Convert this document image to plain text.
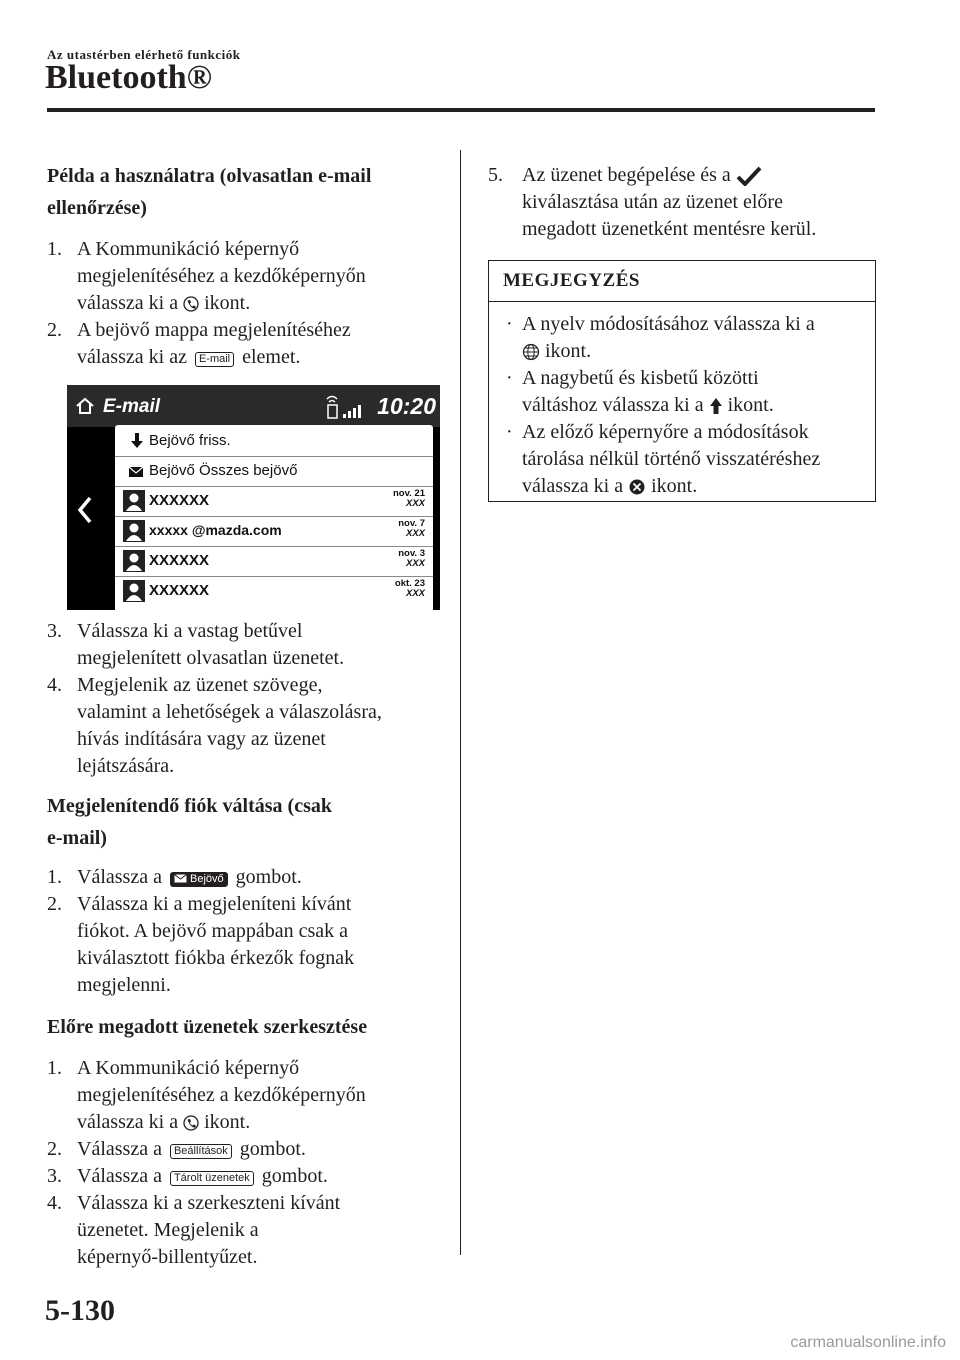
Az utastérben elérhető funkciók
Bluetooth®

Példa a használatra (olvasatlan e-mail
ellenőrzése)

1. A Kommunikáció képernyő
megjelenítéséhez a kezdőképernyőn
válassza ki a  ikont.
2. A bejövő mappa megjelenítéséhez
válassza ki az E-mail elemet.
E-mail	10:20
Bejövő friss.
Bejövő Összes bejövő
XXXXXX	nov. 21
XXX
xxxxx @mazda.com	nov. 7
XXX
XXXXXX	nov. 3
XXX
XXXXXX	okt. 23
XXX
3. Válassza ki a vastag betűvel
megjelenített olvasatlan üzenetet.
4. Megjelenik az üzenet szövege,
valamint a lehetőségek a válaszolásra,
hívás indítására vagy az üzenet
lejátszására.

Megjelenítendő fiók váltása (csak
e-mail)

1. Válassza a  Bejövő gombot.
2. Válassza ki a megjeleníteni kívánt
fiókot. A bejövő mappában csak a
kiválasztott fiókba érkezők fognak
megjelenni.

Előre megadott üzenetek szerkesztése

1. A Kommunikáció képernyő
megjelenítéséhez a kezdőképernyőn
válassza ki a  ikont.
2. Válassza a Beállítások gombot.
3. Válassza a Tárolt üzenetek gombot.
4. Válassza ki a szerkeszteni kívánt
üzenetet. Megjelenik a
képernyő-billentyűzet.
5. Az üzenet begépelése és a
kiválasztása után az üzenet előre
megadott üzenetként mentésre kerül.
MEGJEGYZÉS
· A nyelv módosításához válassza ki a
ikont.
· A nagybetű és kisbetű közötti
váltáshoz válassza ki a  ikont.
· Az előző képernyőre a módosítások
tárolása nélkül történő visszatéréshez
válassza ki a  ikont.
5-130
carmanualsonline.info
